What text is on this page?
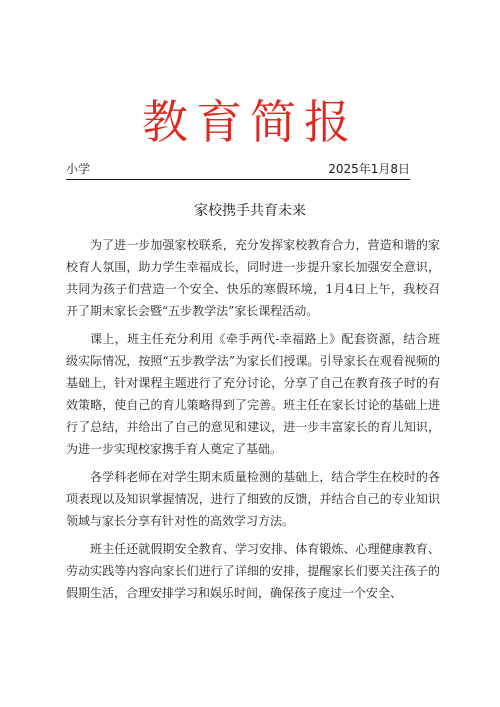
教育简报
小学	2025年1月8日
家校携手共育未来

为了进一步加强家校联系，充分发挥家校教育合力，营造和谐的家校育人氛围，助力学生幸福成长，同时进一步提升家长加强安全意识，共同为孩子们营造一个安全、快乐的寒假环境，1月4日上午，我校召开了期末家长会暨“五步教学法”家长课程活动。

课上，班主任充分利用《牵手两代-幸福路上》配套资源，结合班级实际情况，按照“五步教学法”为家长们授课。引导家长在观看视频的基础上，针对课程主题进行了充分讨论，分享了自己在教育孩子时的有效策略，使自己的育儿策略得到了完善。班主任在家长讨论的基础上进行了总结，并给出了自己的意见和建议，进一步丰富家长的育儿知识，为进一步实现校家携手育人奠定了基础。

各学科老师在对学生期末质量检测的基础上，结合学生在校时的各项表现以及知识掌握情况，进行了细致的反馈，并结合自己的专业知识领域与家长分享有针对性的高效学习方法。

班主任还就假期安全教育、学习安排、体育锻炼、心理健康教育、劳动实践等内容向家长们进行了详细的安排，提醒家长们要关注孩子的假期生活，合理安排学习和娱乐时间，确保孩子度过一个安全、
